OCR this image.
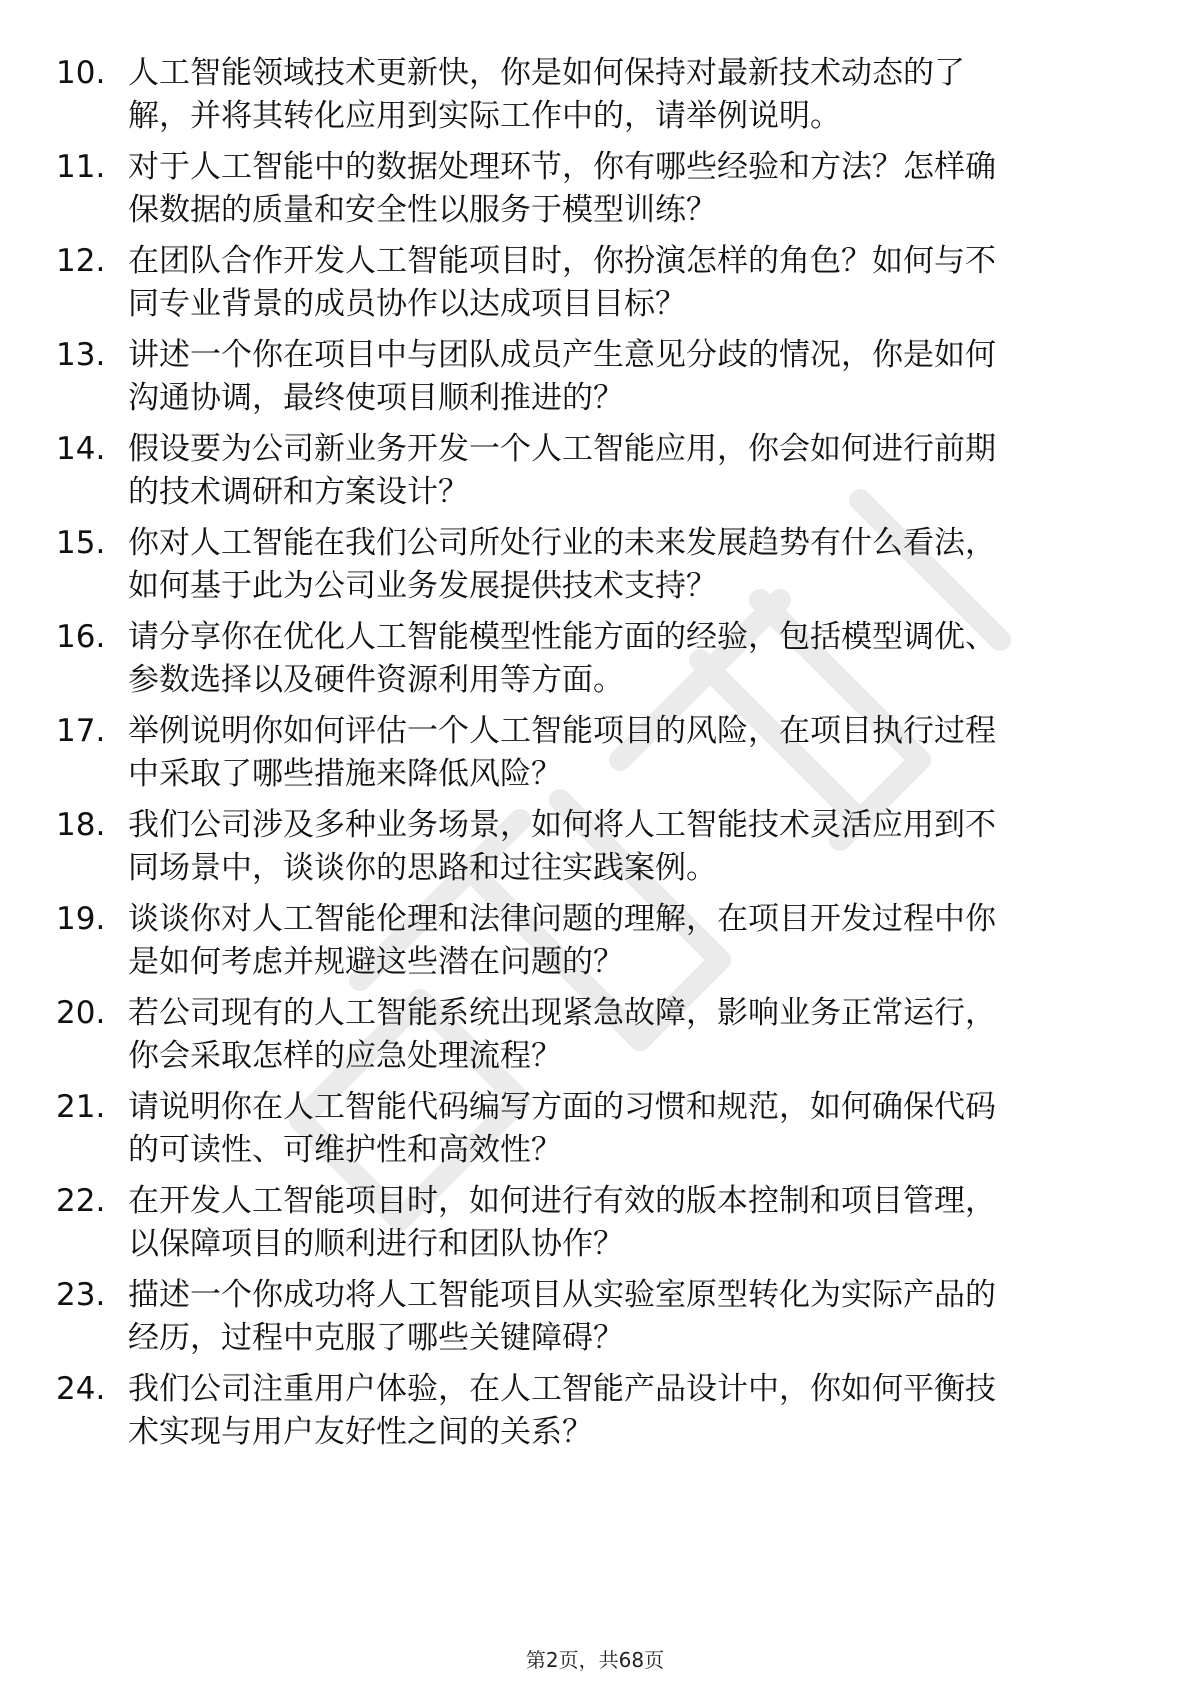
10. 人工智能领域技术更新快，你是如何保持对最新技术动态的了
解，并将其转化应用到实际工作中的，请举例说明。
11. 对于人工智能中的数据处理环节，你有哪些经验和方法？怎样确
保数据的质量和安全性以服务于模型训练？
12. 在团队合作开发人工智能项目时，你扮演怎样的角色？如何与不
同专业背景的成员协作以达成项目目标？
13. 讲述一个你在项目中与团队成员产生意见分歧的情况，你是如何
沟通协调，最终使项目顺利推进的？
14. 假设要为公司新业务开发一个人工智能应用，你会如何进行前期
的技术调研和方案设计？
15. 你对人工智能在我们公司所处行业的未来发展趋势有什么看法，
如何基于此为公司业务发展提供技术支持？
16. 请分享你在优化人工智能模型性能方面的经验，包括模型调优、
参数选择以及硬件资源利用等方面。
17. 举例说明你如何评估一个人工智能项目的风险，在项目执行过程
中采取了哪些措施来降低风险？
18. 我们公司涉及多种业务场景，如何将人工智能技术灵活应用到不
同场景中，谈谈你的思路和过往实践案例。
19. 谈谈你对人工智能伦理和法律问题的理解，在项目开发过程中你
是如何考虑并规避这些潜在问题的？
20. 若公司现有的人工智能系统出现紧急故障，影响业务正常运行，
你会采取怎样的应急处理流程？
21. 请说明你在人工智能代码编写方面的习惯和规范，如何确保代码
的可读性、可维护性和高效性？
22. 在开发人工智能项目时，如何进行有效的版本控制和项目管理，
以保障项目的顺利进行和团队协作？
23. 描述一个你成功将人工智能项目从实验室原型转化为实际产品的
经历，过程中克服了哪些关键障碍？
24. 我们公司注重用户体验，在人工智能产品设计中，你如何平衡技
术实现与用户友好性之间的关系？
第2页，共68页
